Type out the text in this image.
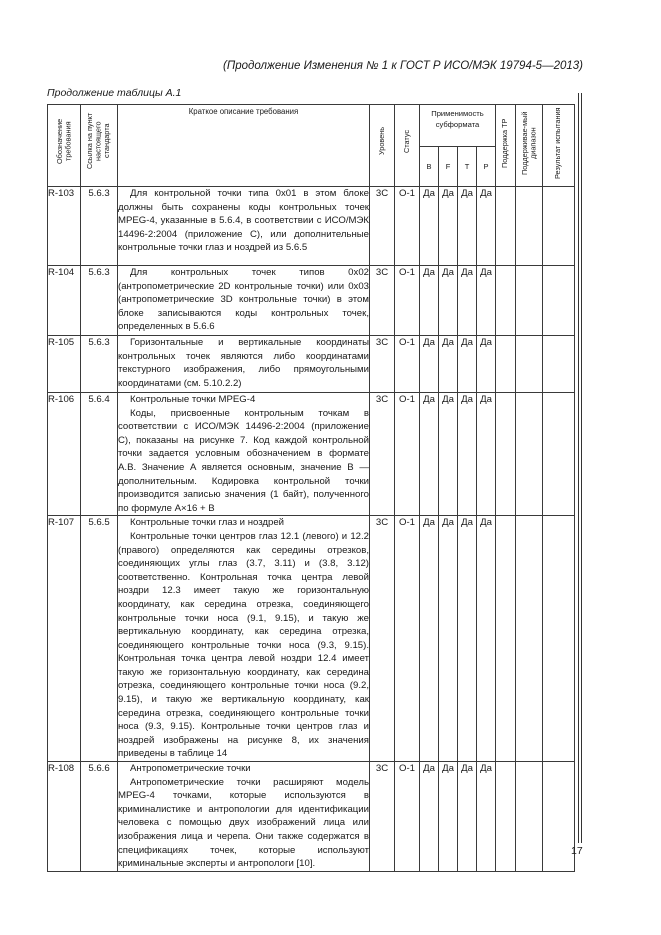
(Продолжение Изменения № 1 к ГОСТ Р ИСО/МЭК 19794-5—2013)
Продолжение таблицы А.1
Обозначение требования	Ссылка на пункт настоящего стандарта	Краткое описание требования	Уровень	Статус	Применимость субформата				Поддержка ТР	Поддерживае-мый диапазон	Результат испытания

					B	F	T	P			
R-103	5.6.3	Для контрольной точки типа 0x01 в этом блоке должны быть сохранены коды контрольных точек MPEG-4, указанные в 5.6.4, в соответствии с ИСО/МЭК 14496-2:2004 (приложение С), или дополнительные контрольные точки глаз и ноздрей из 5.6.5	3С	О-1	Да	Да	Да	Да			
R-104	5.6.3	Для контрольных точек типов 0x02 (антропометрические 2D контрольные точки) или 0x03 (антропометрические 3D контрольные точки) в этом блоке записываются коды контрольных точек, определенных в 5.6.6	3С	О-1	Да	Да	Да	Да			
R-105	5.6.3	Горизонтальные и вертикальные координаты контрольных точек являются либо координатами текстурного изображения, либо прямоугольными координатами (см. 5.10.2.2)	3С	О-1	Да	Да	Да	Да			
R-106	5.6.4	Контрольные точки MPEG-4
Коды, присвоенные контрольным точкам в соответствии с ИСО/МЭК 14496-2:2004 (приложение С), показаны на рисунке 7. Код каждой контрольной точки задается условным обозначением в формате A.B. Значение A является основным, значение B — дополнительным. Кодировка контрольной точки производится записью значения (1 байт), полученного по формуле A×16 + B	3С	О-1	Да	Да	Да	Да			
R-107	5.6.5	Контрольные точки глаз и ноздрей
Контрольные точки центров глаз 12.1 (левого) и 12.2 (правого) определяются как середины отрезков, соединяющих углы глаз (3.7, 3.11) и (3.8, 3.12) соответственно. Контрольная точка центра левой ноздри 12.3 имеет такую же горизонтальную координату, как середина отрезка, соединяющего контрольные точки носа (9.1, 9.15), и такую же вертикальную координату, как середина отрезка, соединяющего контрольные точки носа (9.3, 9.15). Контрольная точка центра левой ноздри 12.4 имеет такую же горизонтальную координату, как середина отрезка, соединяющего контрольные точки носа (9.2, 9.15), и такую же вертикальную координату, как середина отрезка, соединяющего контрольные точки носа (9.3, 9.15). Контрольные точки центров глаз и ноздрей изображены на рисунке 8, их значения приведены в таблице 14	3С	О-1	Да	Да	Да	Да			
R-108	5.6.6	Антропометрические точки
Антропометрические точки расширяют модель MPEG-4 точками, которые используются в криминалистике и антропологии для идентификации человека с помощью двух изображений лица или изображения лица и черепа. Они также содержатся в спецификациях точек, которые используют криминальные эксперты и антропологи [10].	3С	О-1	Да	Да	Да	Да			
17
